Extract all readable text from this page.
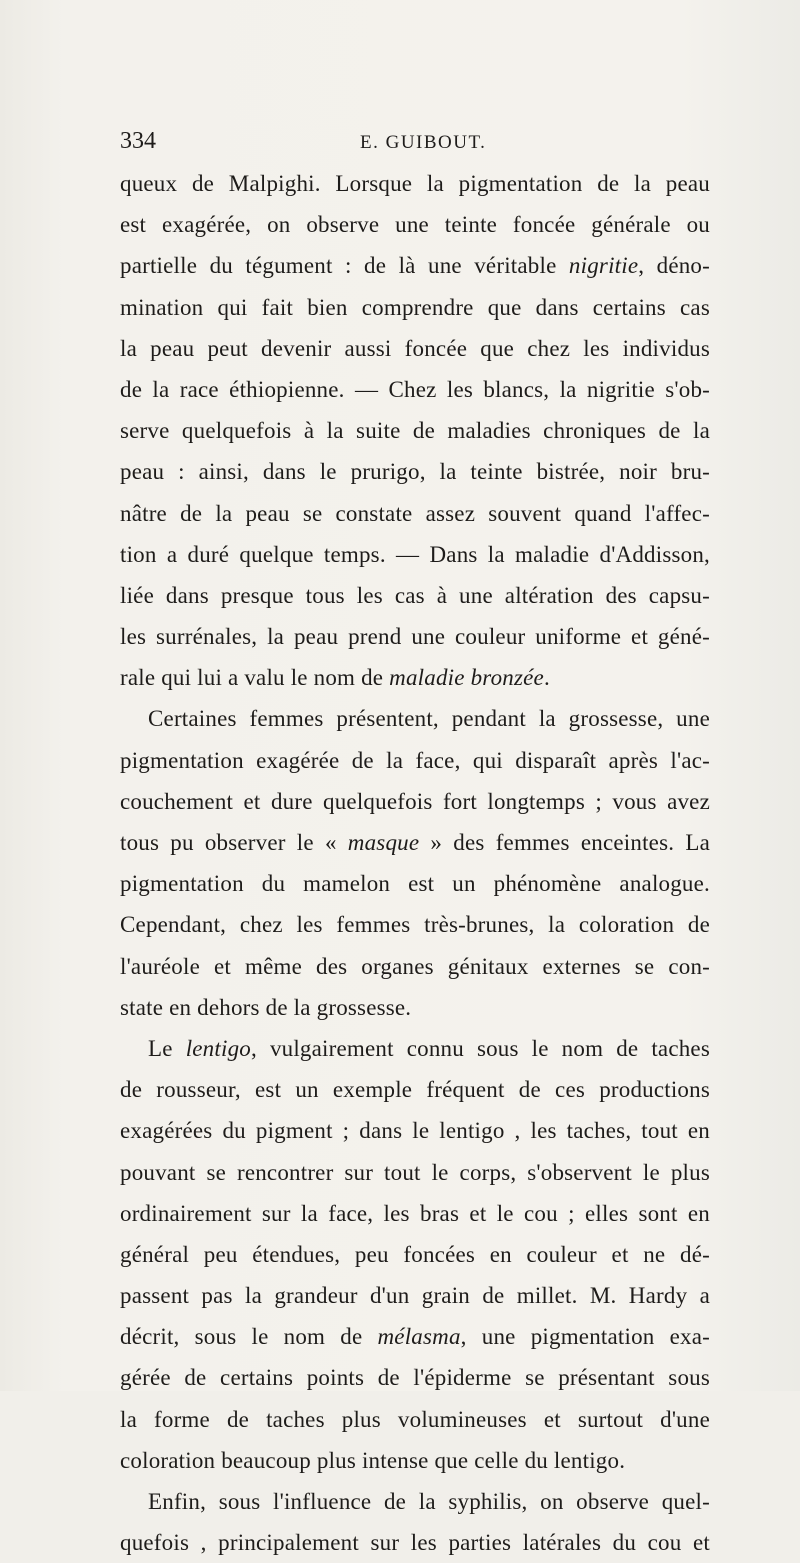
334	E. GUIBOUT.
queux de Malpighi. Lorsque la pigmentation de la peau
est exagérée, on observe une teinte foncée générale ou
partielle du tégument : de là une véritable nigritie, déno-
mination qui fait bien comprendre que dans certains cas
la peau peut devenir aussi foncée que chez les individus
de la race éthiopienne. — Chez les blancs, la nigritie s'ob-
serve quelquefois à la suite de maladies chroniques de la
peau : ainsi, dans le prurigo, la teinte bistrée, noir bru-
nâtre de la peau se constate assez souvent quand l'affec-
tion a duré quelque temps. — Dans la maladie d'Addisson,
liée dans presque tous les cas à une altération des capsu-
les surrénales, la peau prend une couleur uniforme et géné-
rale qui lui a valu le nom de maladie bronzée.
Certaines femmes présentent, pendant la grossesse, une
pigmentation exagérée de la face, qui disparaît après l'ac-
couchement et dure quelquefois fort longtemps ; vous avez
tous pu observer le « masque » des femmes enceintes. La
pigmentation du mamelon est un phénomène analogue.
Cependant, chez les femmes très-brunes, la coloration de
l'auréole et même des organes génitaux externes se con-
state en dehors de la grossesse.
Le lentigo, vulgairement connu sous le nom de taches
de rousseur, est un exemple fréquent de ces productions
exagérées du pigment ; dans le lentigo , les taches, tout en
pouvant se rencontrer sur tout le corps, s'observent le plus
ordinairement sur la face, les bras et le cou ; elles sont en
général peu étendues, peu foncées en couleur et ne dé-
passent pas la grandeur d'un grain de millet. M. Hardy a
décrit, sous le nom de mélasma, une pigmentation exa-
gérée de certains points de l'épiderme se présentant sous
la forme de taches plus volumineuses et surtout d'une
coloration beaucoup plus intense que celle du lentigo.
Enfin, sous l'influence de la syphilis, on observe quel-
quefois , principalement sur les parties latérales du cou et
